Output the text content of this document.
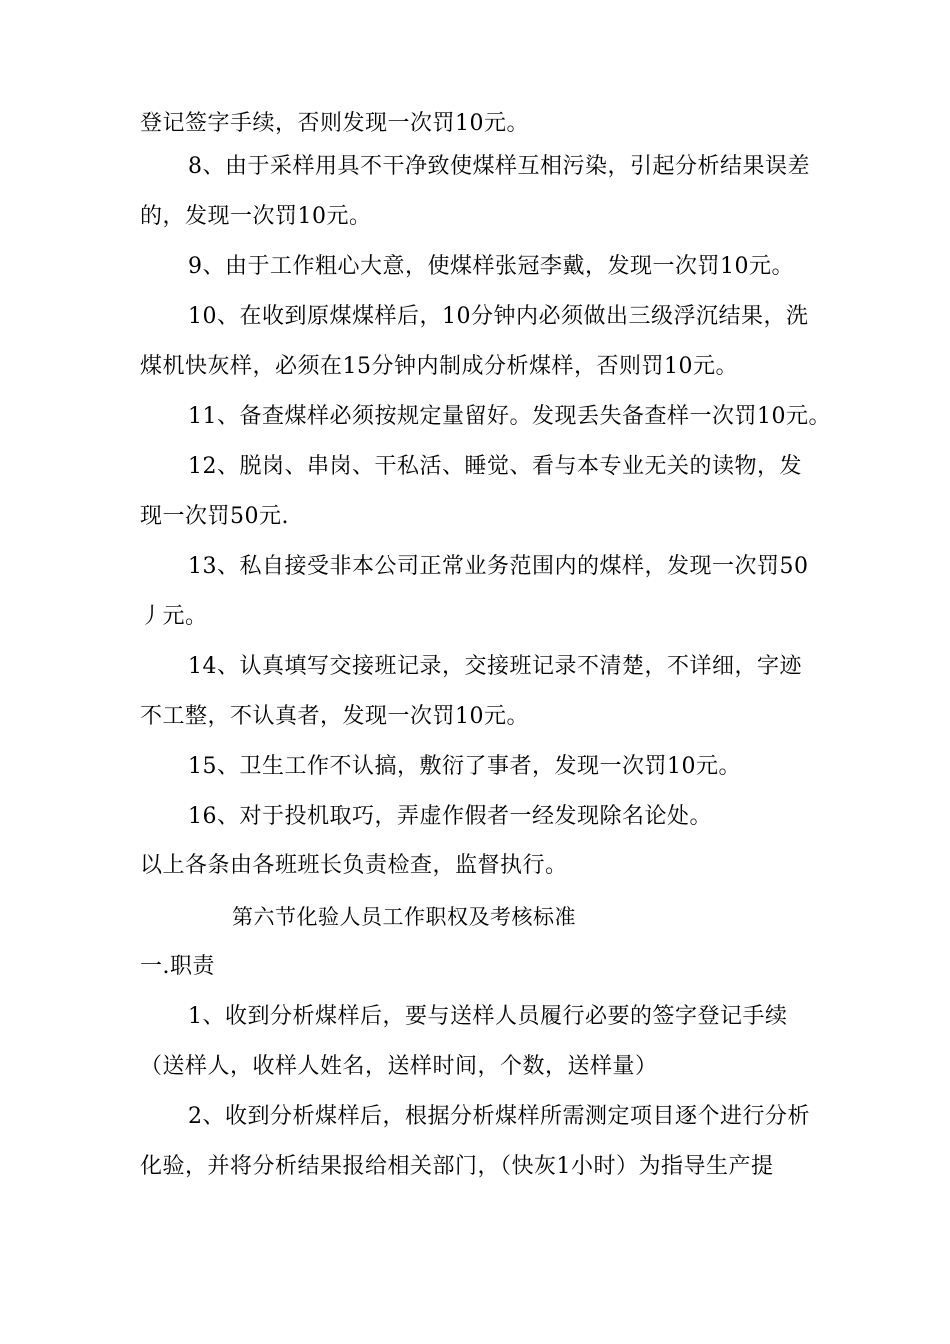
登记签字手续，否则发现一次罚10元。
8、由于采样用具不干净致使煤样互相污染，引起分析结果误差
的，发现一次罚10元。
9、由于工作粗心大意，使煤样张冠李戴，发现一次罚10元。
10、在收到原煤煤样后，10分钟内必须做出三级浮沉结果，洗
煤机快灰样，必须在15分钟内制成分析煤样，否则罚10元。
11、备查煤样必须按规定量留好。发现丢失备查样一次罚10元。
12、脱岗、串岗、干私活、睡觉、看与本专业无关的读物，发
现一次罚50元.
13、私自接受非本公司正常业务范围内的煤样，发现一次罚50
丿元。
14、认真填写交接班记录，交接班记录不清楚，不详细，字迹
不工整，不认真者，发现一次罚10元。
15、卫生工作不认搞，敷衍了事者，发现一次罚10元。
16、对于投机取巧，弄虚作假者一经发现除名论处。
以上各条由各班班长负责检查，监督执行。
第六节化验人员工作职权及考核标准
一.职责
1、收到分析煤样后，要与送样人员履行必要的签字登记手续
（送样人，收样人姓名，送样时间，个数，送样量）
2、收到分析煤样后，根据分析煤样所需测定项目逐个进行分析
化验，并将分析结果报给相关部门，（快灰1小时）为指导生产提
